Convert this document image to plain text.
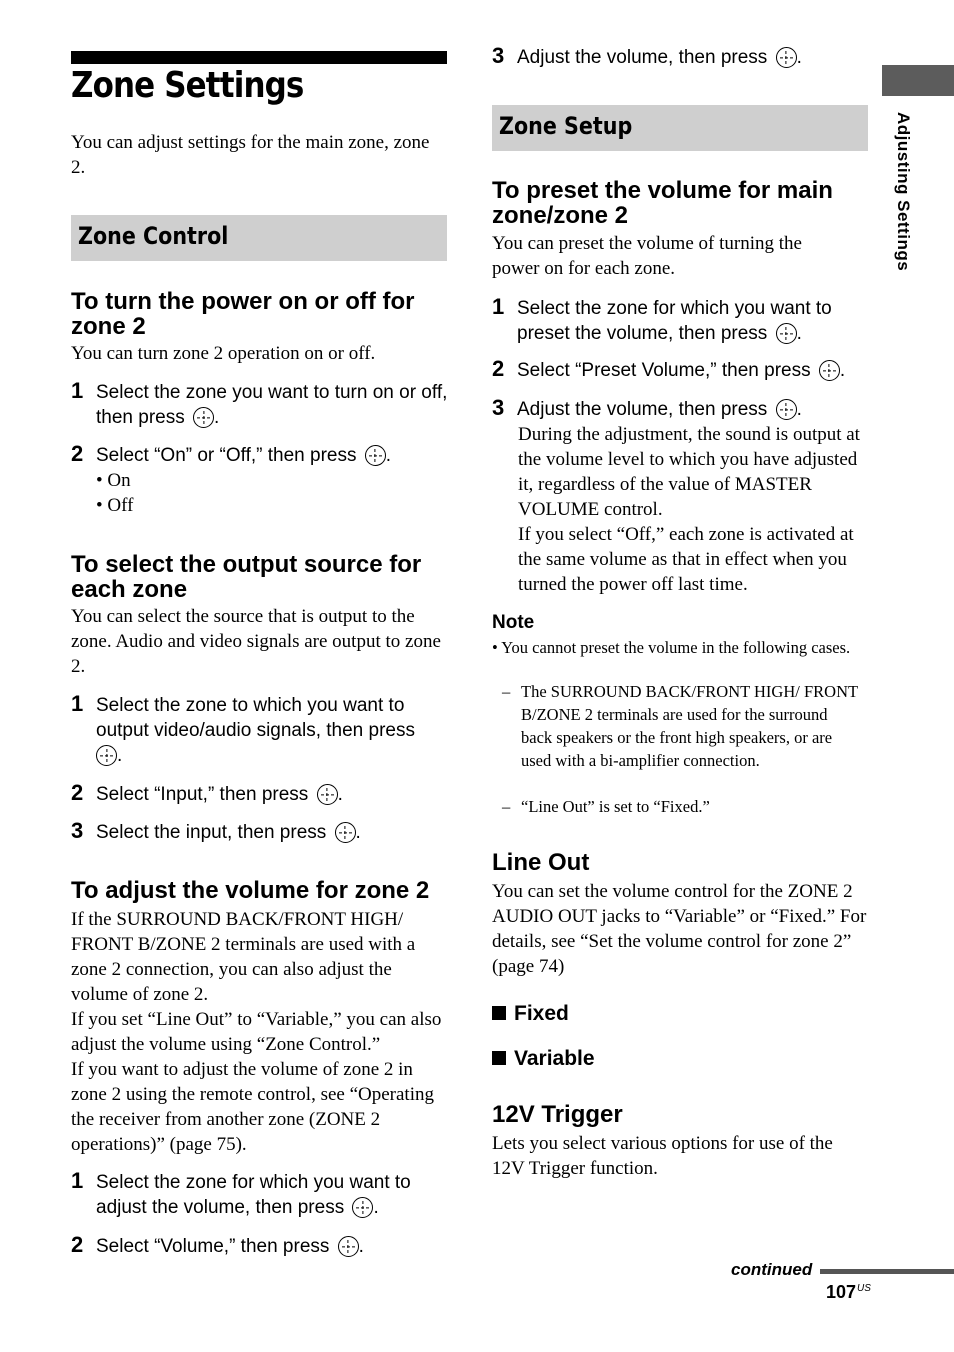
Zone Settings
You can adjust settings for the main zone, zone 2.
Zone Control
To turn the power on or off for zone 2
You can turn zone 2 operation on or off.
1 Select the zone you want to turn on or off, then press .
2 Select “On” or “Off,” then press .
• On
• Off
To select the output source for each zone
You can select the source that is output to the zone. Audio and video signals are output to zone 2.
1 Select the zone to which you want to output video/audio signals, then press
.
2 Select “Input,” then press .
3 Select the input, then press .
To adjust the volume for zone 2
If the SURROUND BACK/FRONT HIGH/ FRONT B/ZONE 2 terminals are used with a zone 2 connection, you can also adjust the volume of zone 2.
If you set “Line Out” to “Variable,” you can also adjust the volume using “Zone Control.”
If you want to adjust the volume of zone 2 in zone 2 using the remote control, see “Operating the receiver from another zone (ZONE 2 operations)” (page 75).
1 Select the zone for which you want to adjust the volume, then press .
2 Select “Volume,” then press .
3 Adjust the volume, then press .
Zone Setup
To preset the volume for main zone/zone 2
You can preset the volume of turning the power on for each zone.
1 Select the zone for which you want to preset the volume, then press .
2 Select “Preset Volume,” then press .
3 Adjust the volume, then press .
During the adjustment, the sound is output at the volume level to which you have adjusted it, regardless of the value of MASTER VOLUME control.
If you select “Off,” each zone is activated at the same volume as that in effect when you turned the power off last time.
Note
• You cannot preset the volume in the following cases.
– The SURROUND BACK/FRONT HIGH/ FRONT B/ZONE 2 terminals are used for the surround back speakers or the front high speakers, or are used with a bi-amplifier connection.
– “Line Out” is set to “Fixed.”
Line Out
You can set the volume control for the ZONE 2 AUDIO OUT jacks to “Variable” or “Fixed.” For details, see “Set the volume control for zone 2” (page 74)
Fixed
Variable
12V Trigger
Lets you select various options for use of the 12V Trigger function.
Adjusting Settings
continued
$107^{US}$
